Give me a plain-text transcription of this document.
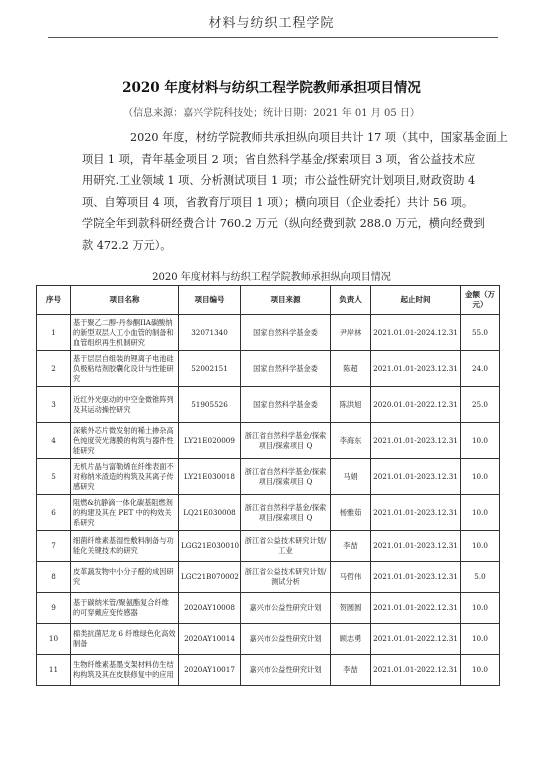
材料与纺织工程学院
2020 年度材料与纺织工程学院教师承担项目情况
（信息来源：嘉兴学院科技处；统计日期：2021 年 01 月 05 日）
2020 年度，材纺学院教师共承担纵向项目共计 17 项（其中，国家基金面上
项目 1 项，青年基金项目 2 项；省自然科学基金/探索项目 3 项，省公益技术应
用研究.工业领域 1 项、分析测试项目 1 项；市公益性研究计划项目,财政资助 4
项、自筹项目 4 项，省教育厅项目 1 项）；横向项目（企业委托）共计 56 项。
学院全年到款科研经费合计 760.2 万元（纵向经费到款 288.0 万元，横向经费到
款 472.2 万元）。
2020 年度材料与纺织工程学院教师承担纵向项目情况
序号	项目名称	项目编号	项目来源	负责人	起止时间	金额（万元）
1	基于聚乙二醇-丹参酮IIA碳酸纳的新型双层人工小血管的制备和血管组织再生机制研究	32071340	国家自然科学基金委	尹岸林	2021.01.01-2024.12.31	55.0
2	基于层层自组装的锂离子电池硅负极粘结剂胶囊化设计与性能研究	52002151	国家自然科学基金委	陈超	2021.01.01-2023.12.31	24.0
3	近红外光驱动的中空金微锥阵列及其运动操控研究	51905526	国家自然科学基金委	陈洪旭	2020.01.01-2022.12.31	25.0
4	深紫外芯片微发射的稀土掺杂高色纯度荧光薄膜的构筑与器件性能研究	LY21E020009	浙江省自然科学基金/探索项目/探索项目 Q	李海东	2021.01.01-2023.12.31	10.0
5	无机片晶与富勒烯在纤维表面不对称纳米渣造的构筑及其离子传感研究	LY21E030018	浙江省自然科学基金/探索项目/探索项目 Q	马娟	2021.01.01-2023.12.31	10.0
6	阻燃&抗静滴一体化碳基阻燃剂的构建及其在 PET 中的构效关系研究	LQ21E030008	浙江省自然科学基金/探索项目/探索项目 Q	杨雅茹	2021.01.01-2023.12.31	10.0
7	细菌纤维素基湿性敷料制备与功能化关键技术的研究	LGG21E030010	浙江省公益技术研究计划/工业	李喆	2021.01.01-2023.12.31	10.0
8	皮革蔬发物中小分子醛的成因研究	LGC21B070002	浙江省公益技术研究计划/测试分析	马哲伟	2021.01.01-2023.12.31	5.0
9	基于碳纳米管/聚氨酯复合纤维的可穿戴应变传感器	2020AY10008	嘉兴市公益性研究计划	贺圆圆	2021.01.01-2022.12.31	10.0
10	棉类抗菌尼龙 6 纤维绿色化高效制备	2020AY10014	嘉兴市公益性研究计划	顾志勇	2021.01.01-2022.12.31	10.0
11	生物纤维素基墨支架材料仿生结构构筑及其在皮肤修复中的应用	2020AY10017	嘉兴市公益性研究计划	李喆	2021.01.01-2022.12.31	10.0
